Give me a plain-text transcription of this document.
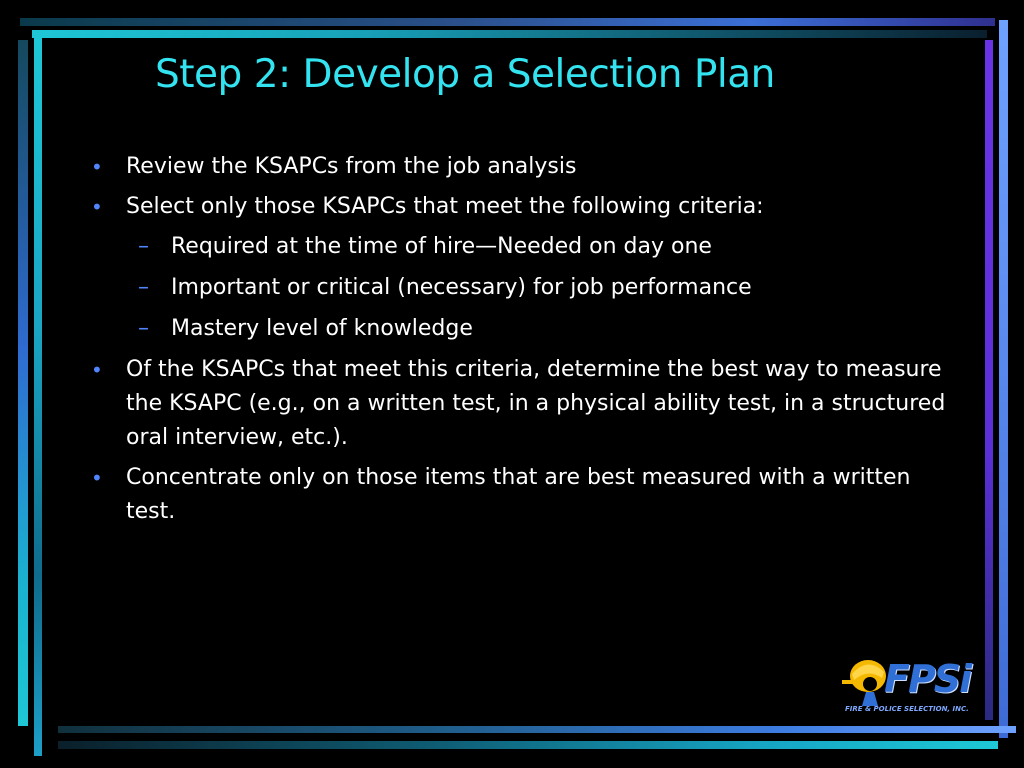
Step 2: Develop a Selection Plan
• Review the KSAPCs from the job analysis
• Select only those KSAPCs that meet the following criteria:
– Required at the time of hire—Needed on day one
– Important or critical (necessary) for job performance
– Mastery level of knowledge
• Of the KSAPCs that meet this criteria, determine the best way to measure the KSAPC (e.g., on a written test, in a physical ability test, in a structured oral interview, etc.).
• Concentrate only on those items that are best measured with a written test.
FPSi
FIRE & POLICE SELECTION, INC.
